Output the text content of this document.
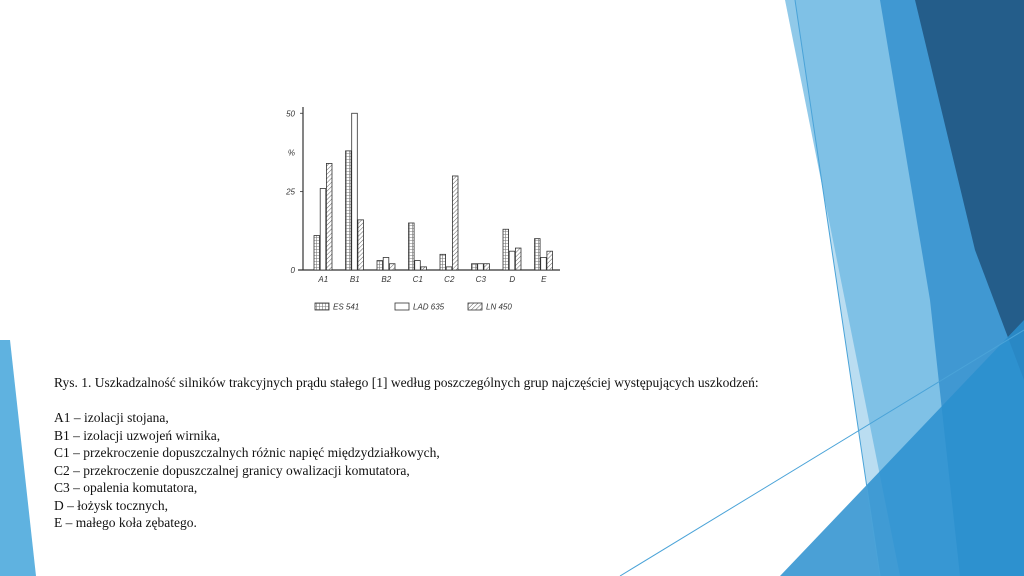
0
25
%
50
A1	B1	B2	C1	C2	C3	D	E
ES 541	LAD 635	LN 450
Rys. 1. Uszkadzalność silników trakcyjnych prądu stałego [1] według poszczególnych grup najczęściej występujących uszkodzeń:
A1 – izolacji stojana,
B1 – izolacji uzwojeń wirnika,
C1 – przekroczenie dopuszczalnych różnic napięć międzydziałkowych,
C2 – przekroczenie dopuszczalnej granicy owalizacji komutatora,
C3 – opalenia komutatora,
D – łożysk tocznych,
E – małego koła zębatego.
